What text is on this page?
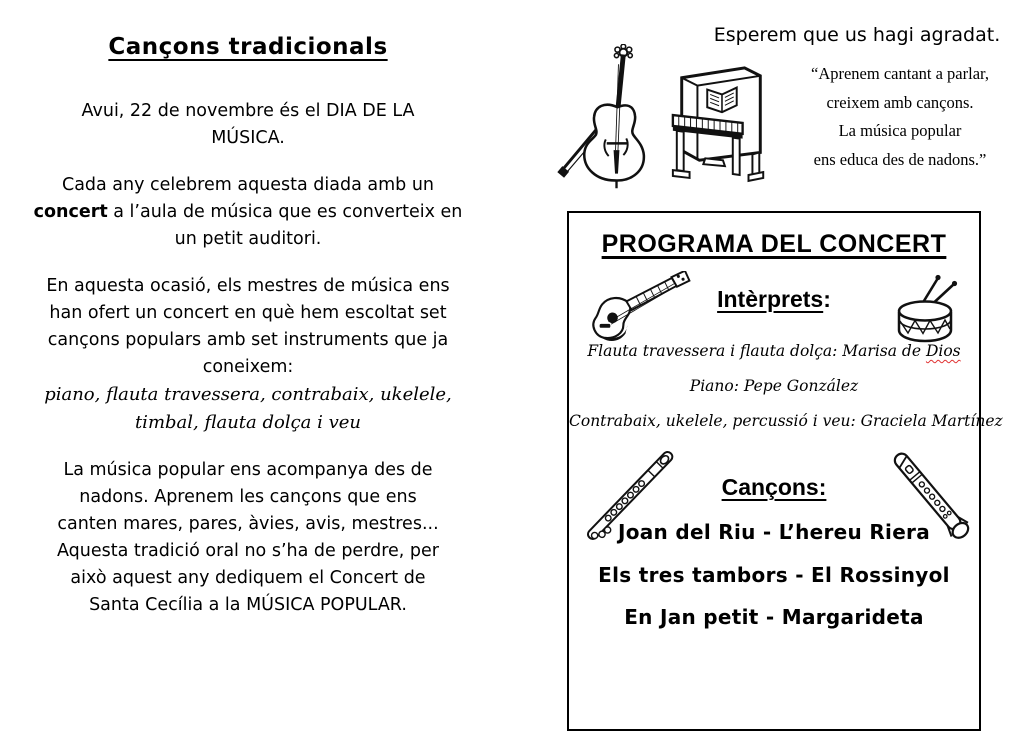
Cançons tradicionals
Avui, 22 de novembre és el DIA DE LA
MÚSICA.
Cada any celebrem aquesta diada amb un
concert a l’aula de música que es converteix en
un petit auditori.
En aquesta ocasió, els mestres de música ens
han ofert un concert en què hem escoltat set
cançons populars amb set instruments que ja
coneixem:
piano, flauta travessera, contrabaix, ukelele,
timbal, flauta dolça i veu
La música popular ens acompanya des de
nadons. Aprenem les cançons que ens
canten mares, pares, àvies, avis, mestres...
Aquesta tradició oral no s’ha de perdre, per
això aquest any dediquem el Concert de
Santa Cecília a la MÚSICA POPULAR.
Esperem que us hagi agradat.
“Aprenem cantant a parlar,
creixem amb cançons.
La música popular
ens educa des de nadons.”
PROGRAMA DEL CONCERT
Intèrprets:
Flauta travessera i flauta dolça: Marisa de Dios
Piano: Pepe González
Contrabaix, ukelele, percussió i veu: Graciela Martínez
Cançons:
Joan del Riu - L’hereu Riera
Els tres tambors - El Rossinyol
En Jan petit - Margarideta
